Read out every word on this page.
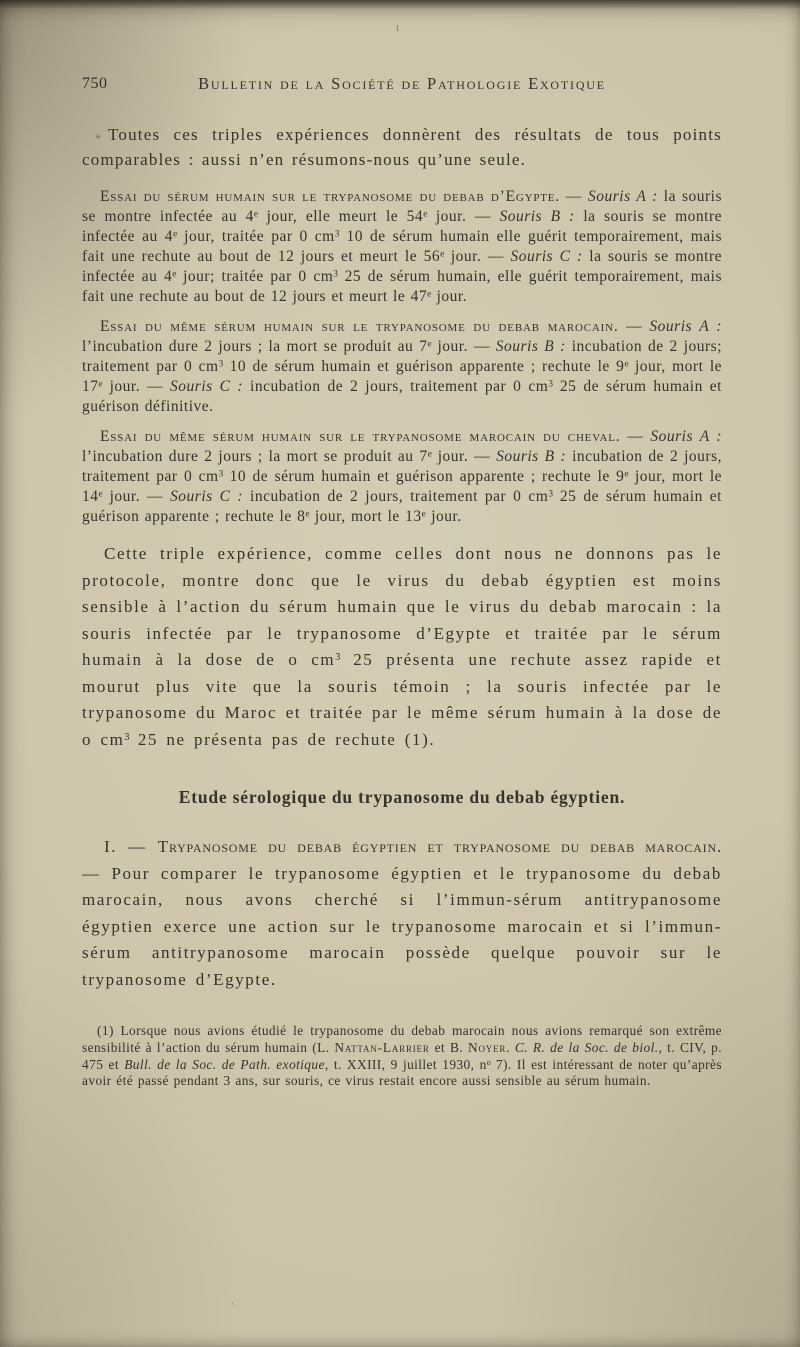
ι
*
·
750	Bulletin de la Société de Pathologie Exotique

Toutes ces triples expériences donnèrent des résultats de tous points comparables : aussi n’en résumons-nous qu’une seule.

Essai du sérum humain sur le trypanosome du debab d’Egypte. — Souris A : la souris se montre infectée au 4e jour, elle meurt le 54e jour. — Souris B : la souris se montre infectée au 4e jour, traitée par 0 $cm^3$ 10 de sérum humain elle guérit temporairement, mais fait une rechute au bout de 12 jours et meurt le 56e jour. — Souris C : la souris se montre infectée au 4e jour; traitée par 0 $cm^3$ 25 de sérum humain, elle guérit temporairement, mais fait une rechute au bout de 12 jours et meurt le 47e jour.

Essai du même sérum humain sur le trypanosome du debab marocain. — Souris A : l’incubation dure 2 jours ; la mort se produit au 7e jour. — Souris B : incubation de 2 jours; traitement par 0 $cm^3$ 10 de sérum humain et guérison apparente ; rechute le 9e jour, mort le 17e jour. — Souris C : incubation de 2 jours, traitement par 0 $cm^3$ 25 de sérum humain et guérison définitive.

Essai du même sérum humain sur le trypanosome marocain du cheval. — Souris A : l’incubation dure 2 jours ; la mort se produit au 7e jour. — Souris B : incubation de 2 jours, traitement par 0 $cm^3$ 10 de sérum humain et guérison apparente ; rechute le 9e jour, mort le 14e jour. — Souris C : incubation de 2 jours, traitement par 0 $cm^3$ 25 de sérum humain et guérison apparente ; rechute le 8e jour, mort le 13e jour.

Cette triple expérience, comme celles dont nous ne donnons pas le protocole, montre donc que le virus du debab égyptien est moins sensible à l’action du sérum humain que le virus du debab marocain : la souris infectée par le trypanosome d’Egypte et traitée par le sérum humain à la dose de o $cm^3$ 25 présenta une rechute assez rapide et mourut plus vite que la souris témoin ; la souris infectée par le trypanosome du Maroc et traitée par le même sérum humain à la dose de o $cm^3$ 25 ne présenta pas de rechute (1).

Etude sérologique du trypanosome du debab égyptien.

I. — Trypanosome du debab égyptien et trypanosome du debab marocain. — Pour comparer le trypanosome égyptien et le trypanosome du debab marocain, nous avons cherché si l’immun-sérum antitrypanosome égyptien exerce une action sur le trypanosome marocain et si l’immun-sérum antitrypanosome marocain possède quelque pouvoir sur le trypanosome d’Egypte.

(1) Lorsque nous avions étudié le trypanosome du debab marocain nous avions remarqué son extrême sensibilité à l’action du sérum humain (L. Nattan-Larrier et B. Noyer. C. R. de la Soc. de biol., t. CIV, p. 475 et Bull. de la Soc. de Path. exotique, t. XXIII, 9 juillet 1930, $n^o$ 7). Il est intéressant de noter qu’après avoir été passé pendant 3 ans, sur souris, ce virus restait encore aussi sensible au sérum humain.
